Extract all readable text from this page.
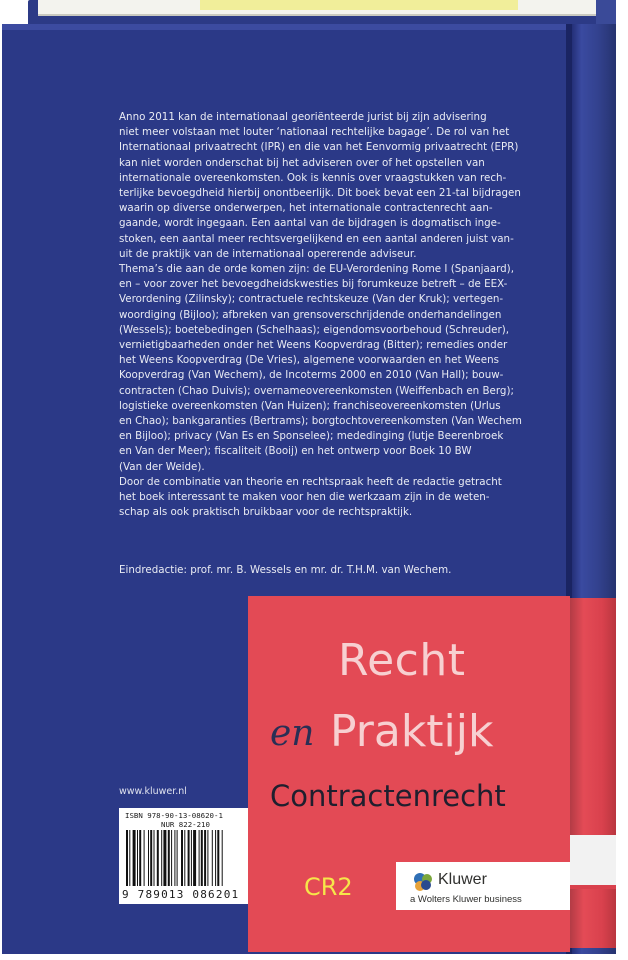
Anno 2011 kan de internationaal georiënteerde jurist bij zijn advisering

niet meer volstaan met louter ‘nationaal rechtelijke bagage’. De rol van het

Internationaal privaatrecht (IPR) en die van het Eenvormig privaatrecht (EPR)

kan niet worden onderschat bij het adviseren over of het opstellen van

internationale overeenkomsten. Ook is kennis over vraagstukken van rech-

terlijke bevoegdheid hierbij onontbeerlijk. Dit boek bevat een 21-tal bijdragen

waarin op diverse onderwerpen, het internationale contractenrecht aan-

gaande, wordt ingegaan. Een aantal van de bijdragen is dogmatisch inge-

stoken, een aantal meer rechtsvergelijkend en een aantal anderen juist van-

uit de praktijk van de internationaal opererende adviseur.

Thema’s die aan de orde komen zijn: de EU-Verordening Rome I (Spanjaard),

en – voor zover het bevoegdheidskwesties bij forumkeuze betreft – de EEX-

Verordening (Zilinsky); contractuele rechtskeuze (Van der Kruk); vertegen-

woordiging (Bijloo); afbreken van grensoverschrijdende onderhandelingen

(Wessels); boetebedingen (Schelhaas); eigendomsvoorbehoud (Schreuder),

vernietigbaarheden onder het Weens Koopverdrag (Bitter); remedies onder

het Weens Koopverdrag (De Vries), algemene voorwaarden en het Weens

Koopverdrag (Van Wechem), de Incoterms 2000 en 2010 (Van Hall); bouw-

contracten (Chao Duivis); overnameovereenkomsten (Weiffenbach en Berg);

logistieke overeenkomsten (Van Huizen); franchiseovereenkomsten (Urlus

en Chao); bankgaranties (Bertrams); borgtochtovereenkomsten (Van Wechem

en Bijloo); privacy (Van Es en Sponselee); mededinging (lutje Beerenbroek

en Van der Meer); fiscaliteit (Booij) en het ontwerp voor Boek 10 BW

(Van der Weide).

Door de combinatie van theorie en rechtspraak heeft de redactie getracht

het boek interessant te maken voor hen die werkzaam zijn in de weten-

schap als ook praktisch bruikbaar voor de rechtspraktijk.

Eindredactie: prof. mr. B. Wessels en mr. dr. T.H.M. van Wechem.

Recht
en Praktijk
Contractenrecht
CR2	Kluwer
a Wolters Kluwer business
www.kluwer.nl
ISBN 978-90-13-08620-1
NUR 822-210
9 789013 086201
